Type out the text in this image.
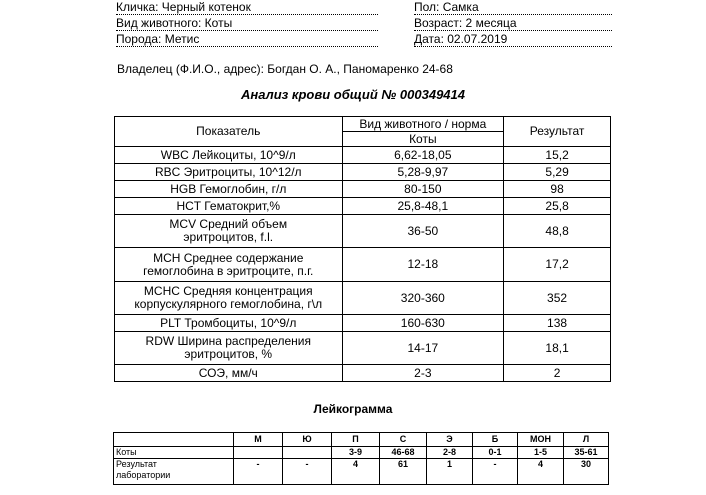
Кличка: Черный котенок
Вид животного: Коты
Порода: Метис
Пол: Самка
Возраст: 2 месяца
Дата: 02.07.2019
Владелец (Ф.И.О., адрес): Богдан О. А., Паномаренко 24-68
Анализ крови общий № 000349414
Показатель	Вид животного / норма	Результат
	Коты	
WBC Лейкоциты, 10^9/л	6,62-18,05	15,2
RBC Эритроциты, 10^12/л	5,28-9,97	5,29
HGB Гемоглобин, г/л	80-150	98
HCT Гематокрит,%	25,8-48,1	25,8
MCV Средний объем
эритроцитов, f.l.	36-50	48,8
MCH Среднее содержание
гемоглобина в эритроците, п.г.	12-18	17,2
MCHC Средняя концентрация
корпускулярного гемоглобина, г\л	320-360	352
PLT Тромбоциты, 10^9/л	160-630	138
RDW Ширина распределения
эритроцитов, %	14-17	18,1
СОЭ, мм/ч	2-3	2
Лейкограмма
	М	Ю	П	С	Э	Б	МОН	Л
Коты			3-9	46-68	2-8	0-1	1-5	35-61
Результат
лаборатории	-	-	4	61	1	-	4	30
